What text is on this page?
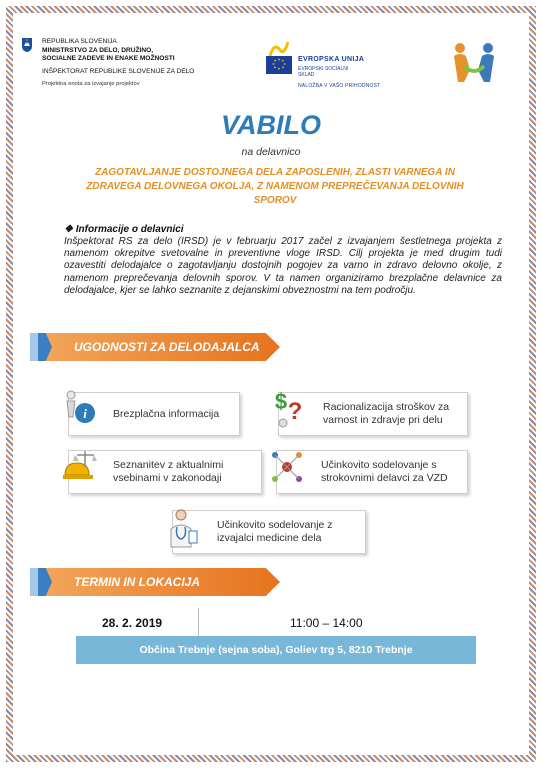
REPUBLIKA SLOVENIJA
MINISTRSTVO ZA DELO, DRUŽINO,
SOCIALNE ZADEVE IN ENAKE MOŽNOSTI
INŠPEKTORAT REPUBLIKE SLOVENIJE ZA DELO
Projektna enota za izvajanje projektov
EVROPSKA UNIJA
EVROPSKI SOCIALNI SKLAD
NALOŽBA V VAŠO PRIHODNOST
VABILO
na delavnico
ZAGOTAVLJANJE DOSTOJNEGA DELA ZAPOSLENIH, ZLASTI VARNEGA IN ZDRAVEGA DELOVNEGA OKOLJA, Z NAMENOM PREPREČEVANJA DELOVNIH SPOROV
❖ Informacije o delavnici
Inšpektorat RS za delo (IRSD) je v februarju 2017 začel z izvajanjem šestletnega projekta z namenom okrepitve svetovalne in preventivne vloge IRSD. Cilj projekta je med drugim tudi ozavestiti delodajalce o zagotavljanju dostojnih pogojev za varno in zdravo delovno okolje, z namenom preprečevanja delovnih sporov. V ta namen organiziramo brezplačne delavnice za delodajalce, kjer se lahko seznanite z dejanskimi obveznostmi na tem področju.
UGODNOSTI ZA DELODAJALCA
i Brezplačna informacija	$ ? Racionalizacija stroškov za varnost in zdravje pri delu
Seznanitev z aktualnimi vsebinami v zakonodaji
Učinkovito sodelovanje s strokovnimi delavci za VZD
Učinkovito sodelovanje z izvajalci medicine dela
TERMIN IN LOKACIJA
28. 2. 2019	11:00 – 14:00
Občina Trebnje (sejna soba), Goliev trg 5, 8210 Trebnje
